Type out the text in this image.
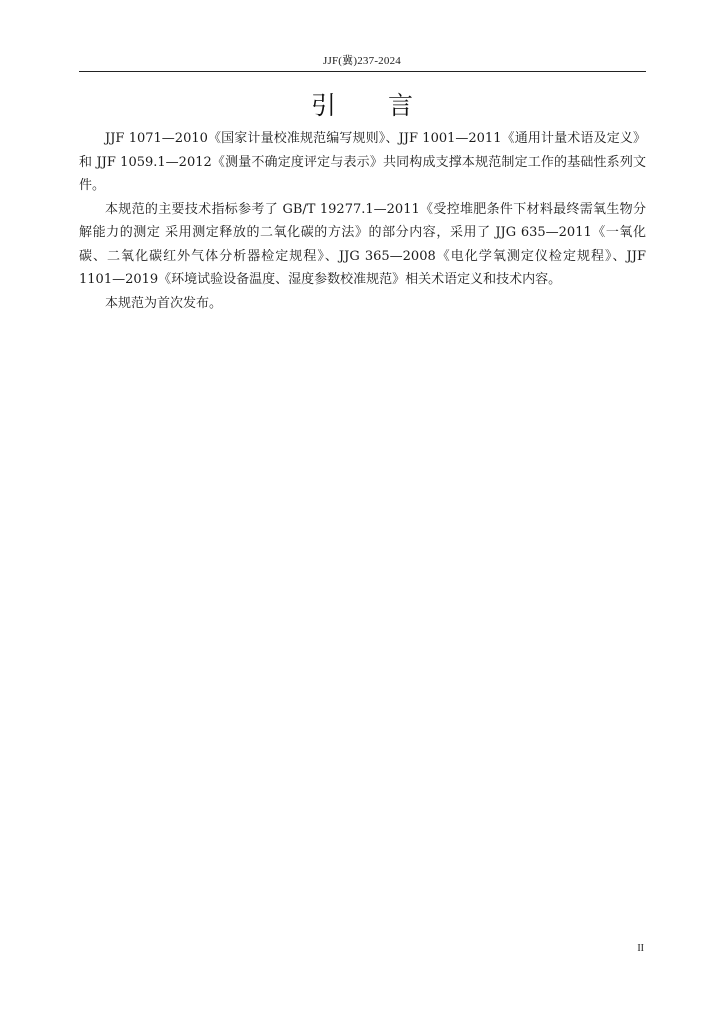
JJF(冀)237-2024
引言

JJF 1071—2010《国家计量校准规范编写规则》、JJF 1001—2011《通用计量术语及定义》和 JJF 1059.1—2012《测量不确定度评定与表示》共同构成支撑本规范制定工作的基础性系列文件。

本规范的主要技术指标参考了 GB/T 19277.1—2011《受控堆肥条件下材料最终需氧生物分解能力的测定 采用测定释放的二氧化碳的方法》的部分内容，采用了 JJG 635—2011《一氧化碳、二氧化碳红外气体分析器检定规程》、JJG 365—2008《电化学氧测定仪检定规程》、JJF 1101—2019《环境试验设备温度、湿度参数校准规范》相关术语定义和技术内容。

本规范为首次发布。

II
